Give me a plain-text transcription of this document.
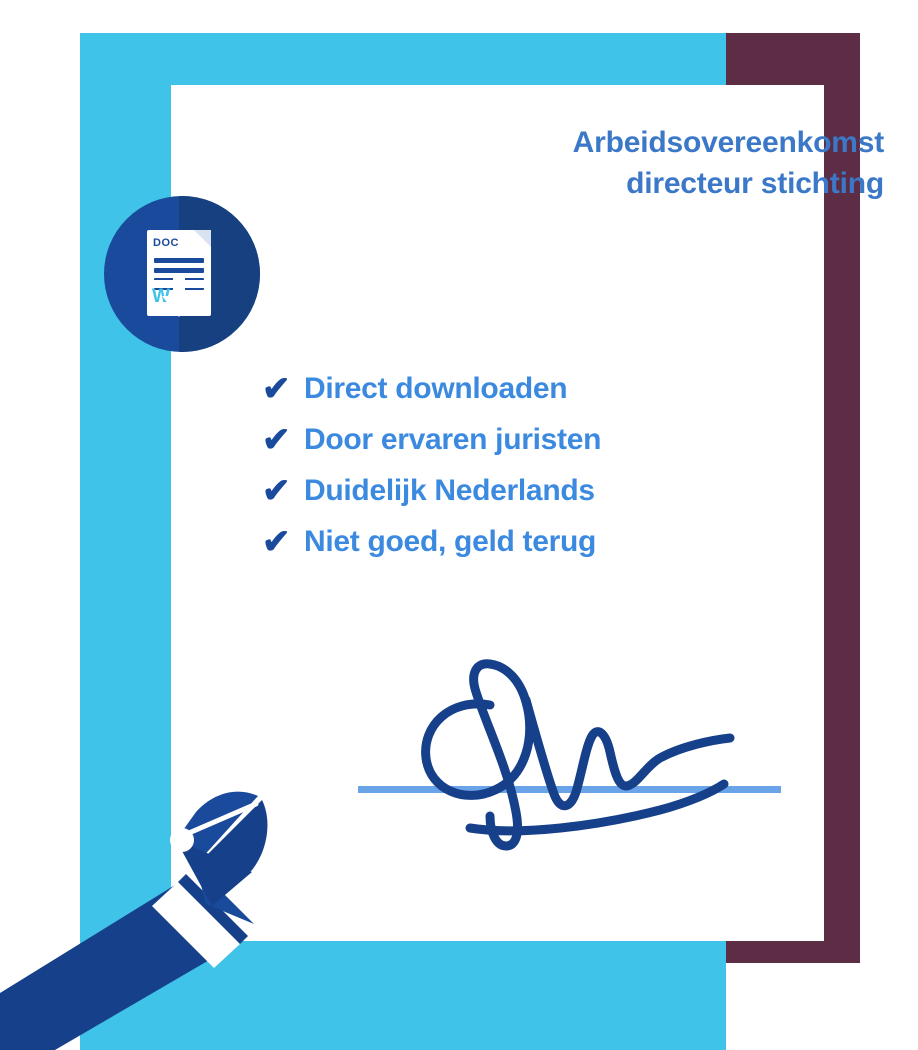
Arbeidsovereenkomst
directeur stichting
DOC
W
✔ Direct downloaden
✔ Door ervaren juristen
✔ Duidelijk Nederlands
✔ Niet goed, geld terug
